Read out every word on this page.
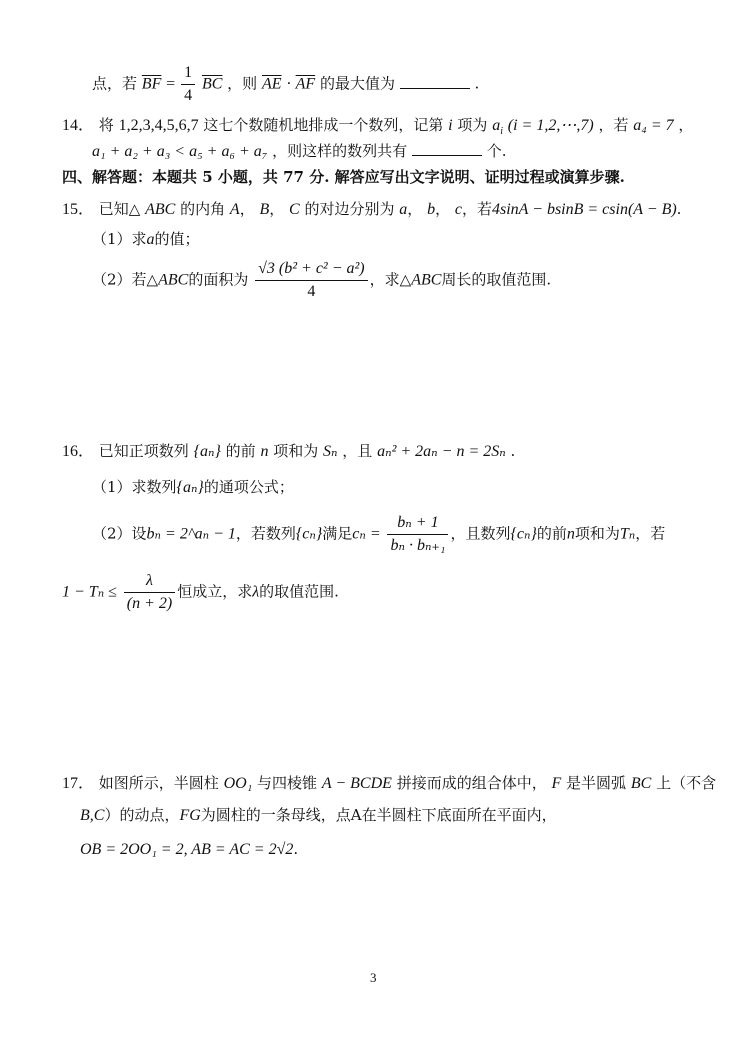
点，若 $\overline{BF} = \frac{1}{4} \overline{BC}$ ，则 $\overline{AE} \cdot \overline{AF}$ 的最大值为	.
14． 将 1,2,3,4,5,6,7 这七个数随机地排成一个数列，记第 i 项为 $a_i$ (i = 1,2,⋯,7) ，若 a₄ = 7 ，
a₁ + a₂ + a₃ < a₅ + a₆ + a₇ ，则这样的数列共有	个.
四、解答题：本题共 5 小题，共 77 分. 解答应写出文字说明、证明过程或演算步骤.
15． 已知△ ABC 的内角 A， B， C 的对边分别为 a， b， c，若4sinA − bsinB = csin(A − B).
（1）求a的值；
（2）若△ABC的面积为 $\frac{\text{√3 (b² + c² − a²)}}{4}$ ，求△ABC周长的取值范围.
16． 已知正项数列 {aₙ} 的前 n 项和为 Sₙ ，且 aₙ² + 2aₙ − n = 2Sₙ .
（1）求数列{aₙ}的通项公式；
（2）设bₙ = 2^aₙ − 1，若数列{cₙ}满足$c_n = \frac{\text{bₙ + 1}}{\text{bₙ · bₙ₊₁}}$ ，且数列{cₙ}的前n项和为Tₙ，若
$1 - T_n \le \frac{\lambda}{(n + 2)}$ 恒成立，求λ的取值范围.
17． 如图所示，半圆柱 OO₁ 与四棱锥 A − BCDE 拼接而成的组合体中， F 是半圆弧 BC 上（不含
B,C）的动点，FG为圆柱的一条母线，点A在半圆柱下底面所在平面内，
OB = 2OO₁ = 2, AB = AC = 2√2.
3
